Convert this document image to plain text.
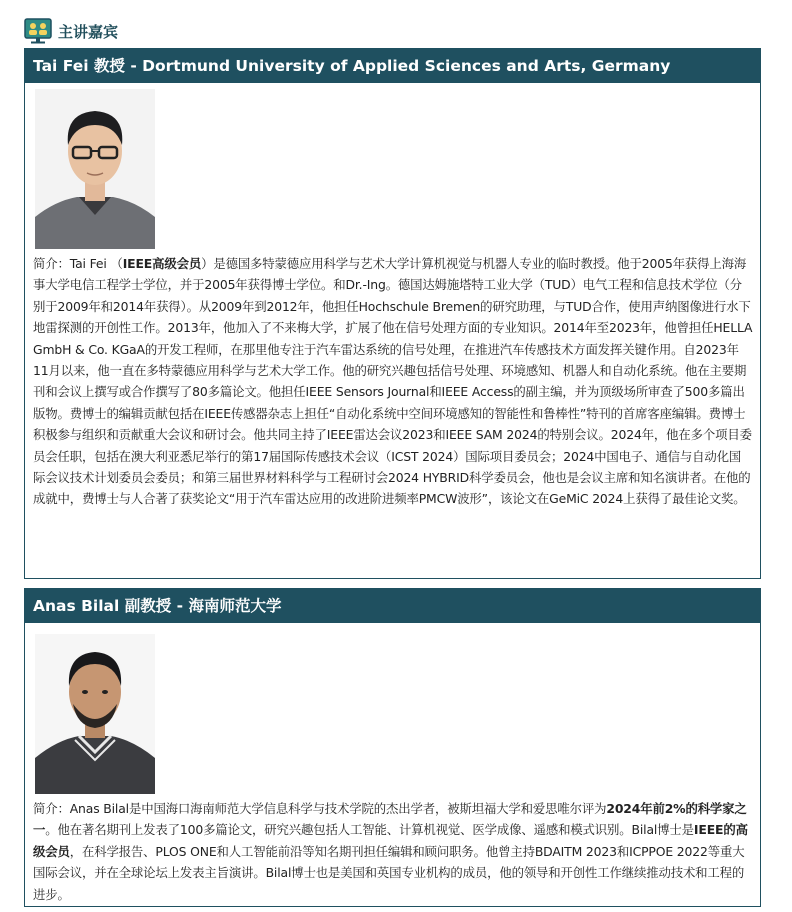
主讲嘉宾
Tai Fei 教授 - Dortmund University of Applied Sciences and Arts, Germany
简介：Tai Fei （IEEE高级会员）是德国多特蒙德应用科学与艺术大学计算机视觉与机器人专业的临时教授。他于2005年获得上海海事大学电信工程学士学位，并于2005年获得博士学位。和Dr.-Ing。德国达姆施塔特工业大学（TUD）电气工程和信息技术学位（分别于2009年和2014年获得）。从2009年到2012年，他担任Hochschule Bremen的研究助理，与TUD合作，使用声纳图像进行水下地雷探测的开创性工作。2013年，他加入了不来梅大学，扩展了他在信号处理方面的专业知识。2014年至2023年，他曾担任HELLA GmbH & Co. KGaA的开发工程师，在那里他专注于汽车雷达系统的信号处理，在推进汽车传感技术方面发挥关键作用。自2023年11月以来，他一直在多特蒙德应用科学与艺术大学工作。他的研究兴趣包括信号处理、环境感知、机器人和自动化系统。他在主要期刊和会议上撰写或合作撰写了80多篇论文。他担任IEEE Sensors Journal和IEEE Access的副主编，并为顶级场所审查了500多篇出版物。费博士的编辑贡献包括在IEEE传感器杂志上担任“自动化系统中空间环境感知的智能性和鲁棒性”特刊的首席客座编辑。费博士积极参与组织和贡献重大会议和研讨会。他共同主持了IEEE雷达会议2023和IEEE SAM 2024的特别会议。2024年，他在多个项目委员会任职，包括在澳大利亚悉尼举行的第17届国际传感技术会议（ICST 2024）国际项目委员会；2024中国电子、通信与自动化国际会议技术计划委员会委员；和第三届世界材料科学与工程研讨会2024 HYBRID科学委员会，他也是会议主席和知名演讲者。在他的成就中，费博士与人合著了获奖论文“用于汽车雷达应用的改进阶进频率PMCW波形”，该论文在GeMiC 2024上获得了最佳论文奖。
Anas Bilal 副教授 - 海南师范大学
简介：Anas Bilal是中国海口海南师范大学信息科学与技术学院的杰出学者，被斯坦福大学和爱思唯尔评为2024年前2%的科学家之一。他在著名期刊上发表了100多篇论文，研究兴趣包括人工智能、计算机视觉、医学成像、遥感和模式识别。Bilal博士是IEEE的高级会员，在科学报告、PLOS ONE和人工智能前沿等知名期刊担任编辑和顾问职务。他曾主持BDAITM 2023和ICPPOE 2022等重大国际会议，并在全球论坛上发表主旨演讲。Bilal博士也是美国和英国专业机构的成员，他的领导和开创性工作继续推动技术和工程的进步。
